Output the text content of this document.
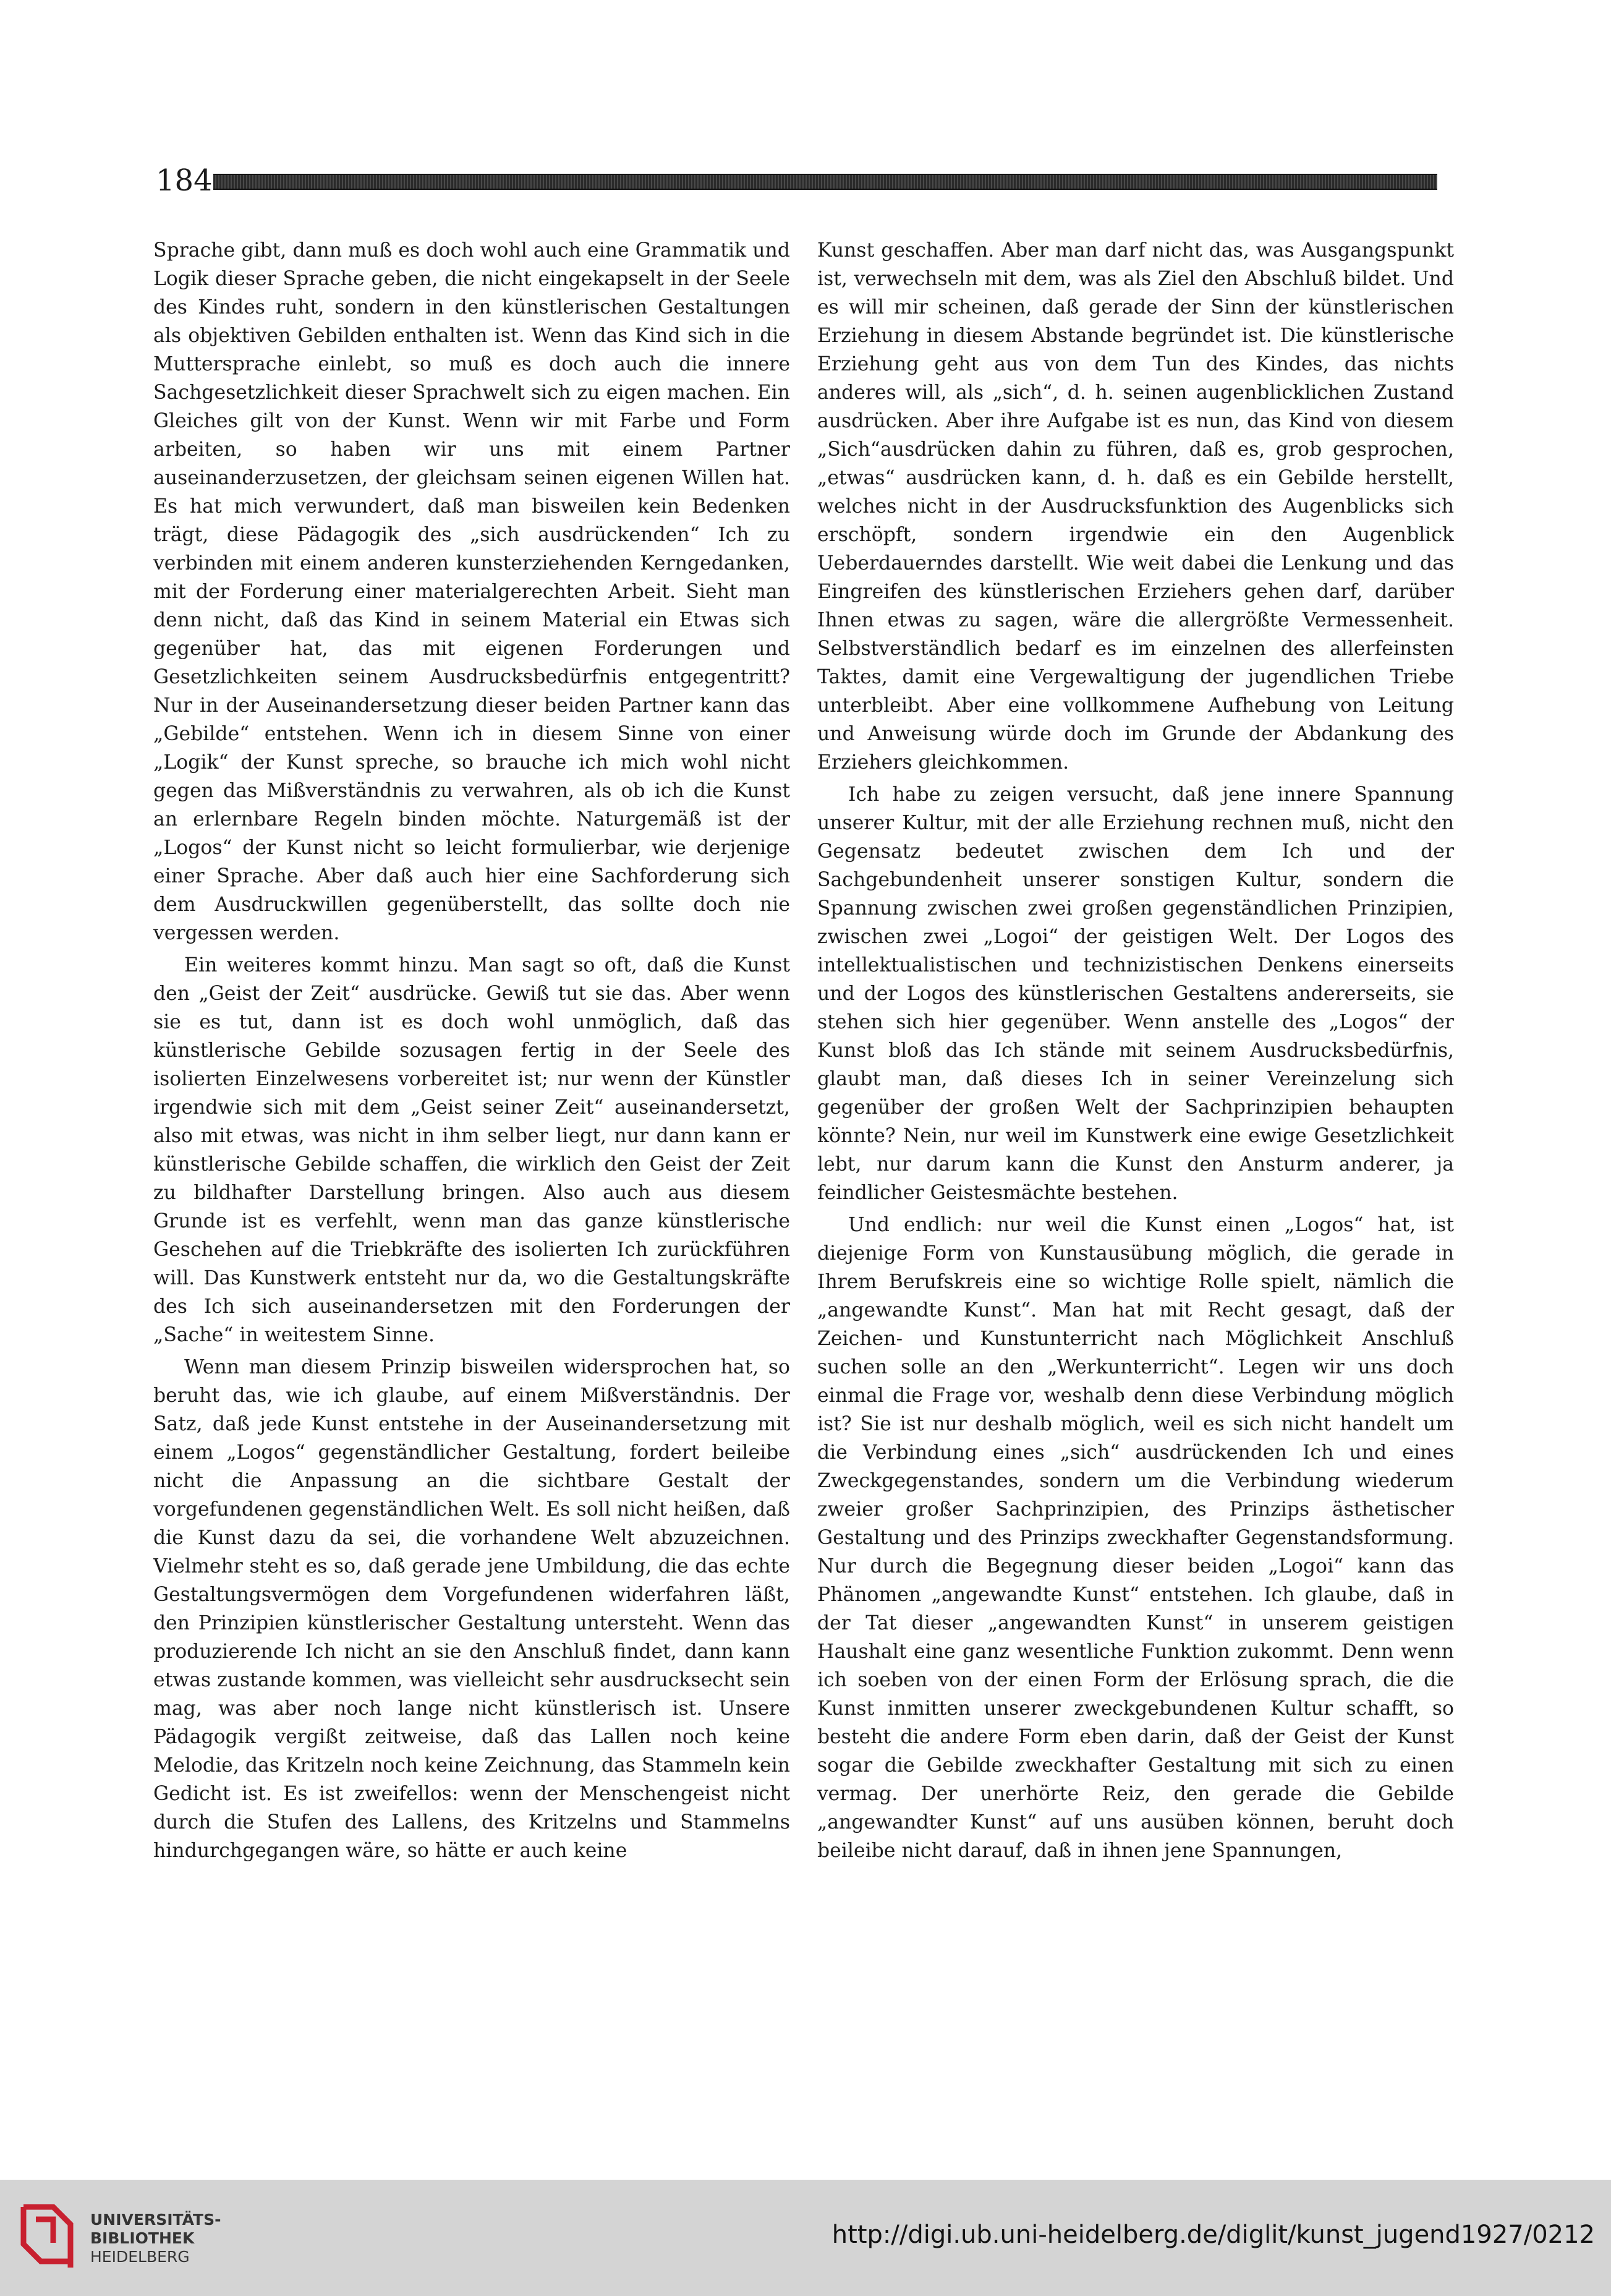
184

Sprache gibt, dann muß es doch wohl auch eine Grammatik und Logik dieser Sprache geben, die nicht eingekapselt in der Seele des Kindes ruht, sondern in den künstlerischen Gestaltungen als objektiven Gebilden enthalten ist. Wenn das Kind sich in die Muttersprache einlebt, so muß es doch auch die innere Sachgesetzlichkeit dieser Sprachwelt sich zu eigen machen. Ein Gleiches gilt von der Kunst. Wenn wir mit Farbe und Form arbeiten, so haben wir uns mit einem Partner auseinanderzusetzen, der gleichsam seinen eigenen Willen hat. Es hat mich verwundert, daß man bisweilen kein Bedenken trägt, diese Pädagogik des „sich ausdrückenden“ Ich zu verbinden mit einem anderen kunsterziehenden Kerngedanken, mit der Forderung einer materialgerechten Arbeit. Sieht man denn nicht, daß das Kind in seinem Material ein Etwas sich gegenüber hat, das mit eigenen Forderungen und Gesetzlichkeiten seinem Ausdrucksbedürfnis entgegentritt? Nur in der Auseinandersetzung dieser beiden Partner kann das „Gebilde“ entstehen. Wenn ich in diesem Sinne von einer „Logik“ der Kunst spreche, so brauche ich mich wohl nicht gegen das Mißverständnis zu verwahren, als ob ich die Kunst an erlernbare Regeln binden möchte. Naturgemäß ist der „Logos“ der Kunst nicht so leicht formulierbar, wie derjenige einer Sprache. Aber daß auch hier eine Sachforderung sich dem Ausdruckwillen gegenüberstellt, das sollte doch nie vergessen werden.

Ein weiteres kommt hinzu. Man sagt so oft, daß die Kunst den „Geist der Zeit“ ausdrücke. Gewiß tut sie das. Aber wenn sie es tut, dann ist es doch wohl unmöglich, daß das künstlerische Gebilde sozusagen fertig in der Seele des isolierten Einzelwesens vorbereitet ist; nur wenn der Künstler irgendwie sich mit dem „Geist seiner Zeit“ auseinandersetzt, also mit etwas, was nicht in ihm selber liegt, nur dann kann er künstlerische Gebilde schaffen, die wirklich den Geist der Zeit zu bildhafter Darstellung bringen. Also auch aus diesem Grunde ist es verfehlt, wenn man das ganze künstlerische Geschehen auf die Triebkräfte des isolierten Ich zurückführen will. Das Kunstwerk entsteht nur da, wo die Gestaltungskräfte des Ich sich auseinandersetzen mit den Forderungen der „Sache“ in weitestem Sinne.

Wenn man diesem Prinzip bisweilen widersprochen hat, so beruht das, wie ich glaube, auf einem Mißverständnis. Der Satz, daß jede Kunst entstehe in der Auseinandersetzung mit einem „Logos“ gegenständlicher Gestaltung, fordert beileibe nicht die Anpassung an die sichtbare Gestalt der vorgefundenen gegenständlichen Welt. Es soll nicht heißen, daß die Kunst dazu da sei, die vorhandene Welt abzuzeichnen. Vielmehr steht es so, daß gerade jene Umbildung, die das echte Gestaltungsvermögen dem Vorgefundenen widerfahren läßt, den Prinzipien künstlerischer Gestaltung untersteht. Wenn das produzierende Ich nicht an sie den Anschluß findet, dann kann etwas zustande kommen, was vielleicht sehr ausdrucksecht sein mag, was aber noch lange nicht künstlerisch ist. Unsere Pädagogik vergißt zeitweise, daß das Lallen noch keine Melodie, das Kritzeln noch keine Zeichnung, das Stammeln kein Gedicht ist. Es ist zweifellos: wenn der Menschengeist nicht durch die Stufen des Lallens, des Kritzelns und Stammelns hindurchgegangen wäre, so hätte er auch keine

Kunst geschaffen. Aber man darf nicht das, was Ausgangspunkt ist, verwechseln mit dem, was als Ziel den Abschluß bildet. Und es will mir scheinen, daß gerade der Sinn der künstlerischen Erziehung in diesem Abstande begründet ist. Die künstlerische Erziehung geht aus von dem Tun des Kindes, das nichts anderes will, als „sich“, d. h. seinen augenblicklichen Zustand ausdrücken. Aber ihre Aufgabe ist es nun, das Kind von diesem „Sich“ausdrücken dahin zu führen, daß es, grob gesprochen, „etwas“ ausdrücken kann, d. h. daß es ein Gebilde herstellt, welches nicht in der Ausdrucksfunktion des Augenblicks sich erschöpft, sondern irgendwie ein den Augenblick Ueberdauerndes darstellt. Wie weit dabei die Lenkung und das Eingreifen des künstlerischen Erziehers gehen darf, darüber Ihnen etwas zu sagen, wäre die allergrößte Vermessenheit. Selbstverständlich bedarf es im einzelnen des allerfeinsten Taktes, damit eine Vergewaltigung der jugendlichen Triebe unterbleibt. Aber eine vollkommene Aufhebung von Leitung und Anweisung würde doch im Grunde der Abdankung des Erziehers gleichkommen.

Ich habe zu zeigen versucht, daß jene innere Spannung unserer Kultur, mit der alle Erziehung rechnen muß, nicht den Gegensatz bedeutet zwischen dem Ich und der Sachgebundenheit unserer sonstigen Kultur, sondern die Spannung zwischen zwei großen gegenständlichen Prinzipien, zwischen zwei „Logoi“ der geistigen Welt. Der Logos des intellektualistischen und technizistischen Denkens einerseits und der Logos des künstlerischen Gestaltens andererseits, sie stehen sich hier gegenüber. Wenn anstelle des „Logos“ der Kunst bloß das Ich stände mit seinem Ausdrucksbedürfnis, glaubt man, daß dieses Ich in seiner Vereinzelung sich gegenüber der großen Welt der Sachprinzipien behaupten könnte? Nein, nur weil im Kunstwerk eine ewige Gesetzlichkeit lebt, nur darum kann die Kunst den Ansturm anderer, ja feindlicher Geistesmächte bestehen.

Und endlich: nur weil die Kunst einen „Logos“ hat, ist diejenige Form von Kunstausübung möglich, die gerade in Ihrem Berufskreis eine so wichtige Rolle spielt, nämlich die „angewandte Kunst“. Man hat mit Recht gesagt, daß der Zeichen- und Kunstunterricht nach Möglichkeit Anschluß suchen solle an den „Werkunterricht“. Legen wir uns doch einmal die Frage vor, weshalb denn diese Verbindung möglich ist? Sie ist nur deshalb möglich, weil es sich nicht handelt um die Verbindung eines „sich“ ausdrückenden Ich und eines Zweckgegenstandes, sondern um die Verbindung wiederum zweier großer Sachprinzipien, des Prinzips ästhetischer Gestaltung und des Prinzips zweckhafter Gegenstandsformung. Nur durch die Begegnung dieser beiden „Logoi“ kann das Phänomen „angewandte Kunst“ entstehen. Ich glaube, daß in der Tat dieser „angewandten Kunst“ in unserem geistigen Haushalt eine ganz wesentliche Funktion zukommt. Denn wenn ich soeben von der einen Form der Erlösung sprach, die die Kunst inmitten unserer zweckgebundenen Kultur schafft, so besteht die andere Form eben darin, daß der Geist der Kunst sogar die Gebilde zweckhafter Gestaltung mit sich zu einen vermag. Der unerhörte Reiz, den gerade die Gebilde „angewandter Kunst“ auf uns ausüben können, beruht doch beileibe nicht darauf, daß in ihnen jene Spannungen,

UNIVERSITÄTS-
BIBLIOTHEK
HEIDELBERG
http://digi.ub.uni-heidelberg.de/diglit/kunst_jugend1927/0212
